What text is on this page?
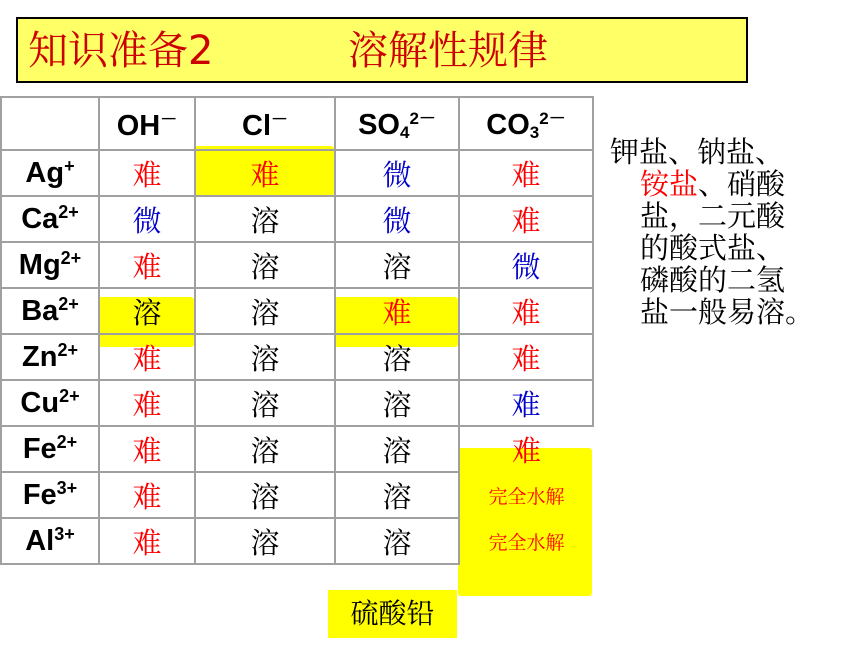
知识准备2	溶解性规律
	OH－	Cl－	$SO_4^{2-}$	$CO_3^{2-}$
Ag+	难	难	微	难
$Ca^{2+}$	微	溶	微	难
$Mg^{2+}$	难	溶	溶	微
$Ba^{2+}$	溶	溶	难	难
$Zn^{2+}$	难	溶	溶	难
$Cu^{2+}$	难	溶	溶	难
$Fe^{2+}$	难	溶	溶	难
$Fe^{3+}$	难	溶	溶	完全水解
$Al^{3+}$	难	溶	溶	完全水解
钾盐、钠盐、
铵盐、硝酸
盐，二元酸
的酸式盐、
磷酸的二氢
盐一般易溶。
硫酸铅
